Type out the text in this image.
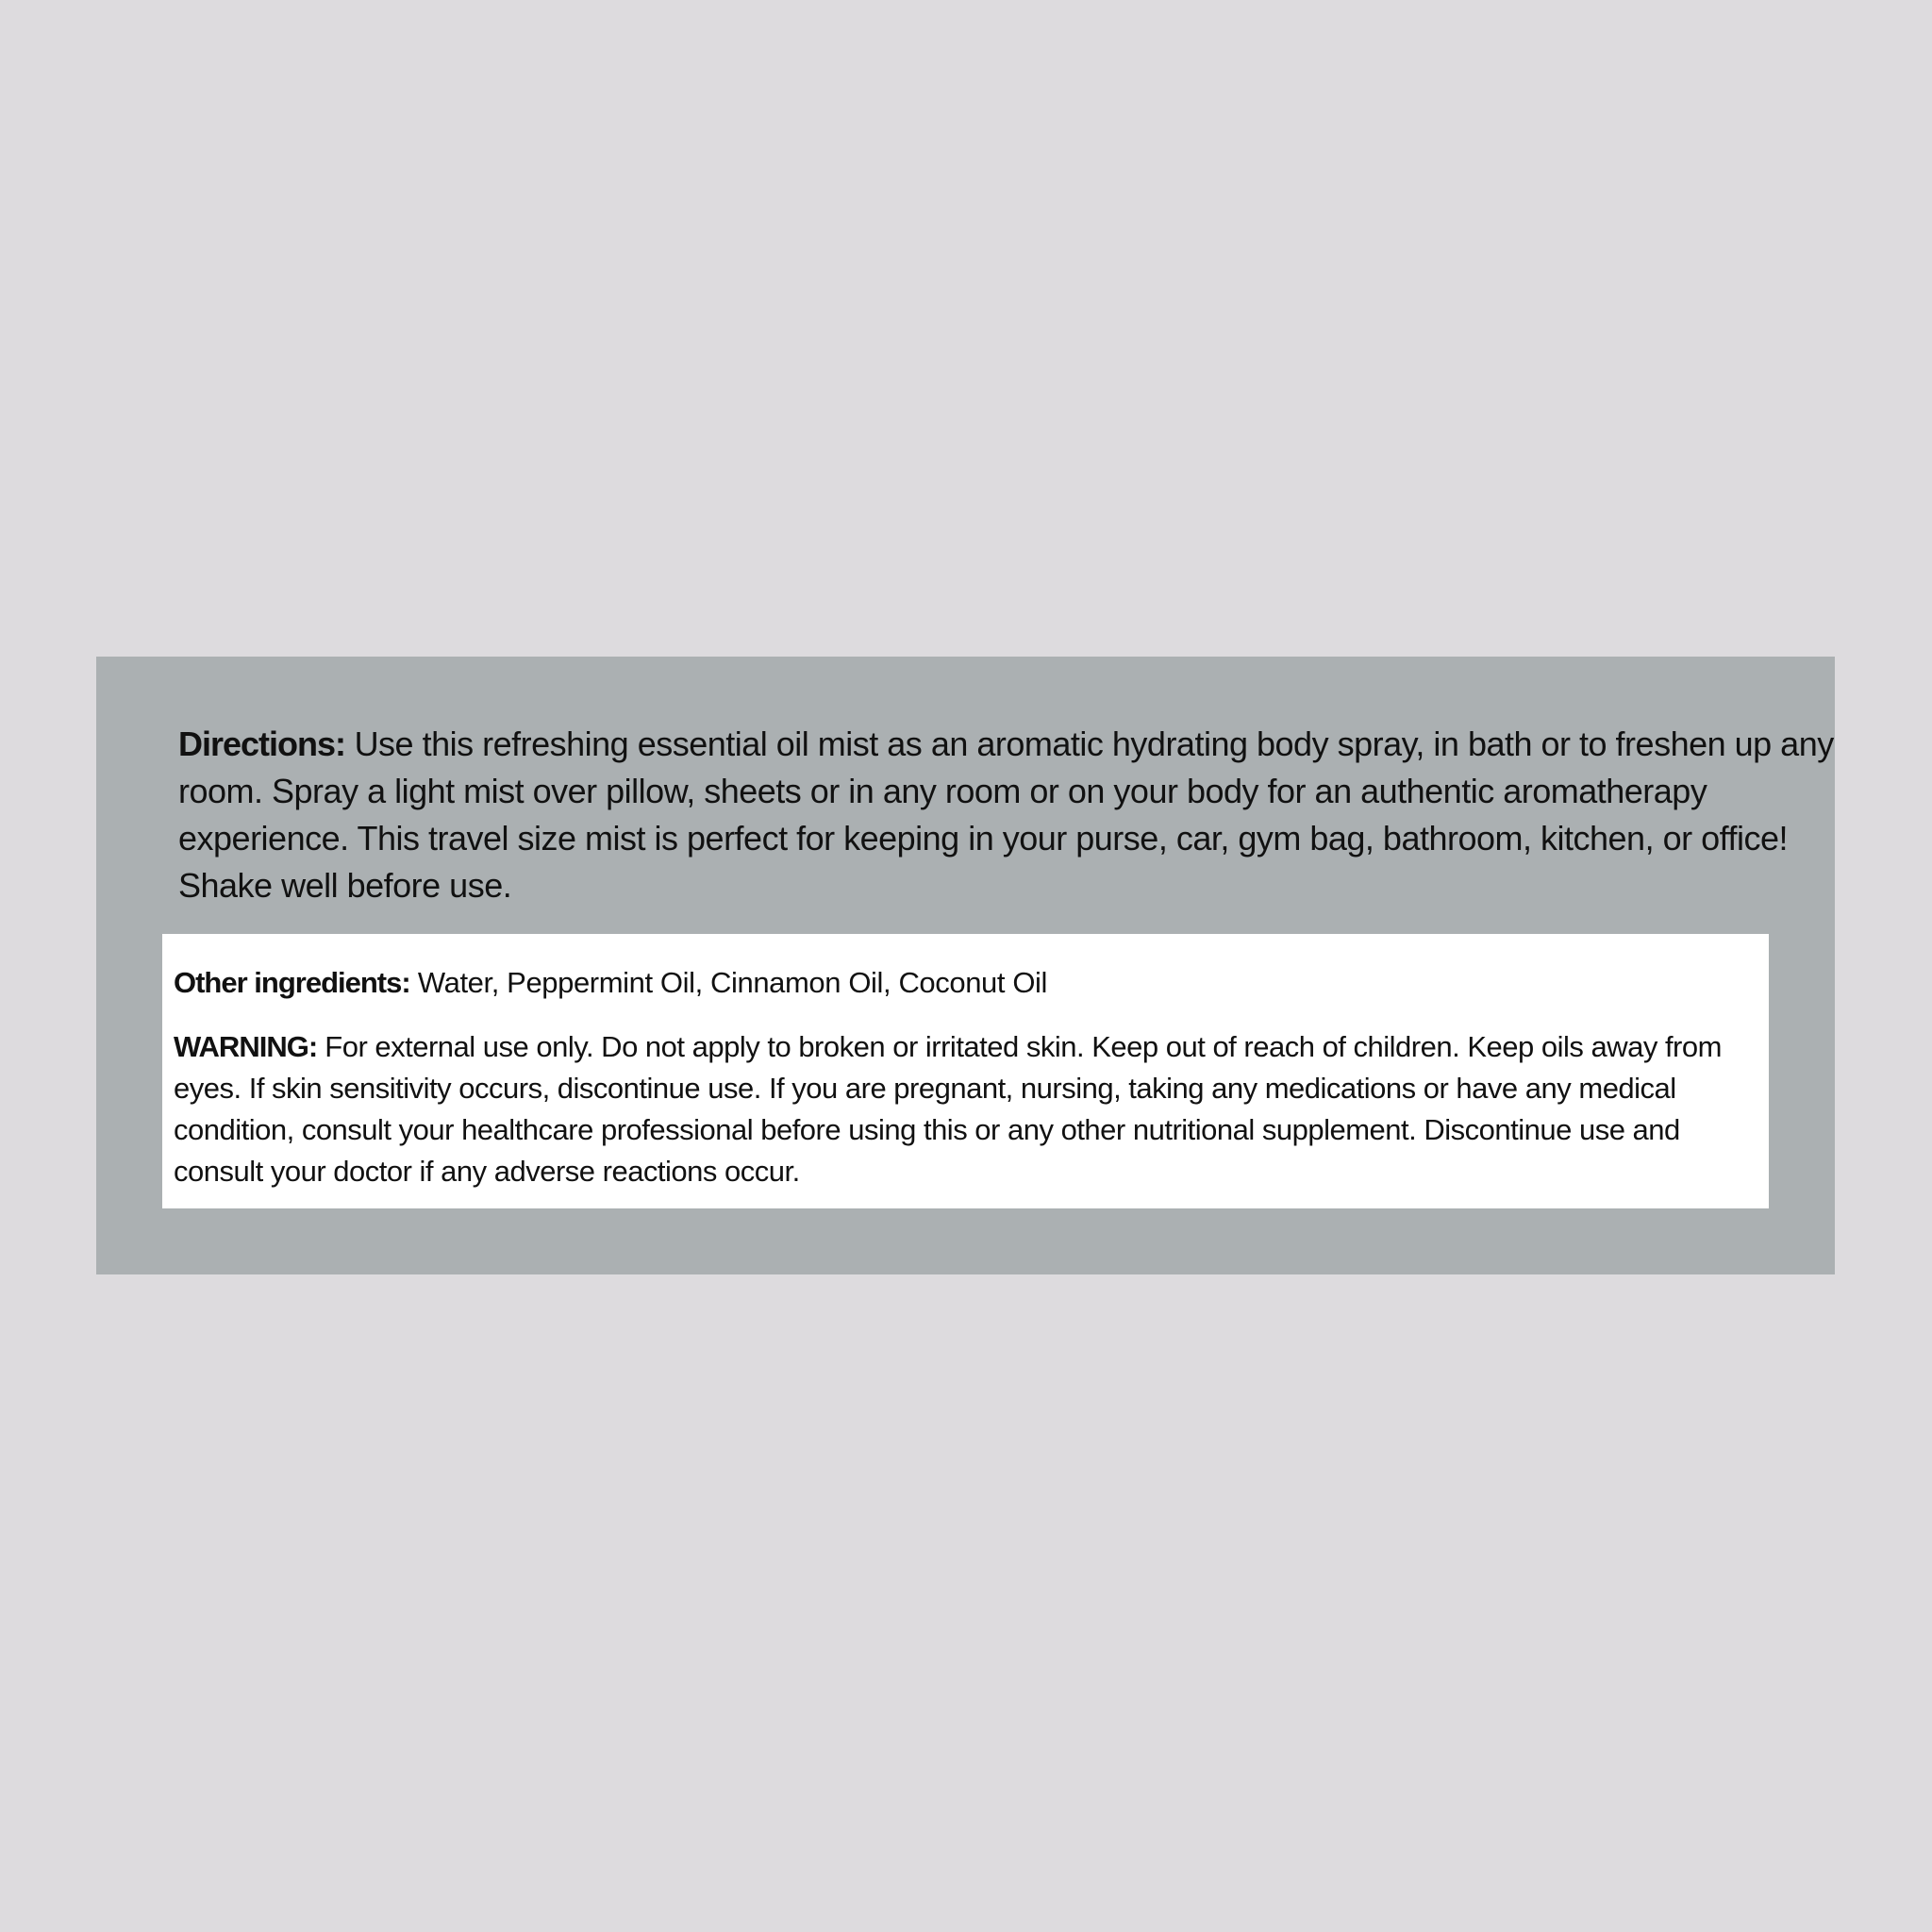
Directions: Use this refreshing essential oil mist as an aromatic hydrating body spray, in bath or to freshen up any room. Spray a light mist over pillow, sheets or in any room or on your body for an authentic aromatherapy experience. This travel size mist is perfect for keeping in your purse, car, gym bag, bathroom, kitchen, or office! Shake well before use.

Other ingredients: Water, Peppermint Oil, Cinnamon Oil, Coconut Oil

WARNING: For external use only. Do not apply to broken or irritated skin. Keep out of reach of children. Keep oils away from eyes. If skin sensitivity occurs, discontinue use. If you are pregnant, nursing, taking any medications or have any medical condition, consult your healthcare professional before using this or any other nutritional supplement. Discontinue use and consult your doctor if any adverse reactions occur.
